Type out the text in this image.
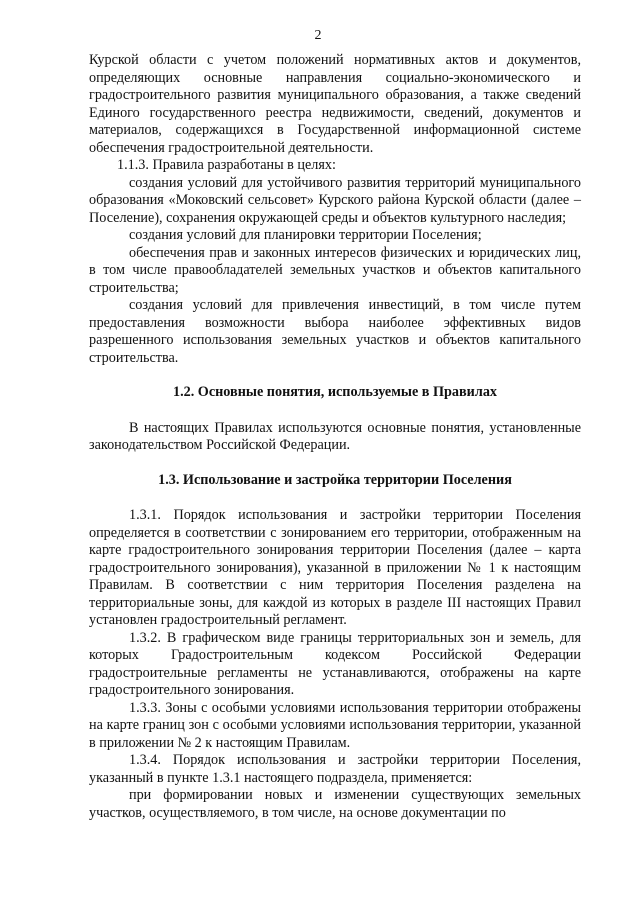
2

Курской области с учетом положений нормативных актов и документов, определяющих основные направления социально-экономического и градостроительного развития муниципального образования, а также сведений Единого государственного реестра недвижимости, сведений, документов и материалов, содержащихся в Государственной информационной системе обеспечения градостроительной деятельности.

1.1.3. Правила разработаны в целях:

создания условий для устойчивого развития территорий муниципального образования «Моковский сельсовет» Курского района Курской области (далее – Поселение), сохранения окружающей среды и объектов культурного наследия;

создания условий для планировки территории Поселения;

обеспечения прав и законных интересов физических и юридических лиц, в том числе правообладателей земельных участков и объектов капитального строительства;

создания условий для привлечения инвестиций, в том числе путем предоставления возможности выбора наиболее эффективных видов разрешенного использования земельных участков и объектов капитального строительства.

1.2. Основные понятия, используемые в Правилах

В настоящих Правилах используются основные понятия, установленные законодательством Российской Федерации.

1.3. Использование и застройка территории Поселения

1.3.1. Порядок использования и застройки территории Поселения определяется в соответствии с зонированием его территории, отображенным на карте градостроительного зонирования территории Поселения (далее – карта градостроительного зонирования), указанной в приложении № 1 к настоящим Правилам. В соответствии с ним территория Поселения разделена на территориальные зоны, для каждой из которых в разделе III настоящих Правил установлен градостроительный регламент.

1.3.2. В графическом виде границы территориальных зон и земель, для которых Градостроительным кодексом Российской Федерации градостроительные регламенты не устанавливаются, отображены на карте градостроительного зонирования.

1.3.3. Зоны с особыми условиями использования территории отображены на карте границ зон с особыми условиями использования территории, указанной в приложении № 2 к настоящим Правилам.

1.3.4. Порядок использования и застройки территории Поселения, указанный в пункте 1.3.1 настоящего подраздела, применяется:

при формировании новых и изменении существующих земельных участков, осуществляемого, в том числе, на основе документации по
